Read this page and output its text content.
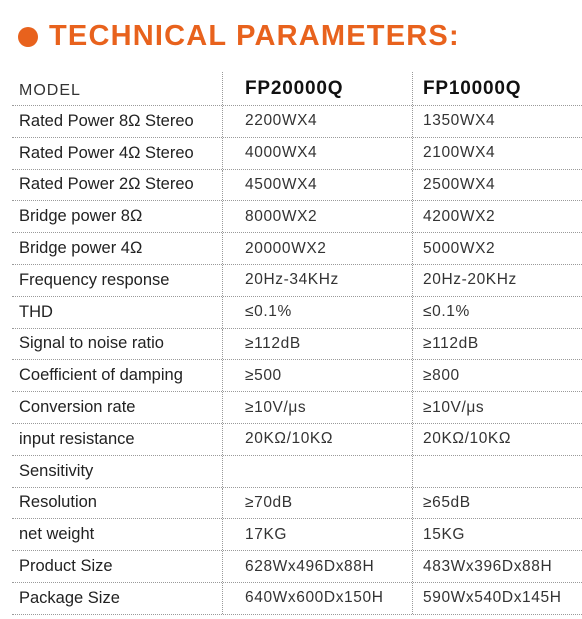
TECHNICAL PARAMETERS:
MODEL	FP20000Q	FP10000Q
Rated Power 8Ω Stereo	2200WX4	1350WX4
Rated Power 4Ω Stereo	4000WX4	2100WX4
Rated Power 2Ω Stereo	4500WX4	2500WX4
Bridge power 8Ω	8000WX2	4200WX2
Bridge power 4Ω	20000WX2	5000WX2
Frequency response	20Hz-34KHz	20Hz-20KHz
THD	≤0.1%	≤0.1%
Signal to noise ratio	≥112dB	≥112dB
Coefficient of damping	≥500	≥800
Conversion rate	≥10V/μs	≥10V/μs
input resistance	20KΩ/10KΩ	20KΩ/10KΩ
Sensitivity
Resolution	≥70dB	≥65dB
net weight	17KG	15KG
Product Size	628Wx496Dx88H	483Wx396Dx88H
Package Size	640Wx600Dx150H	590Wx540Dx145H
